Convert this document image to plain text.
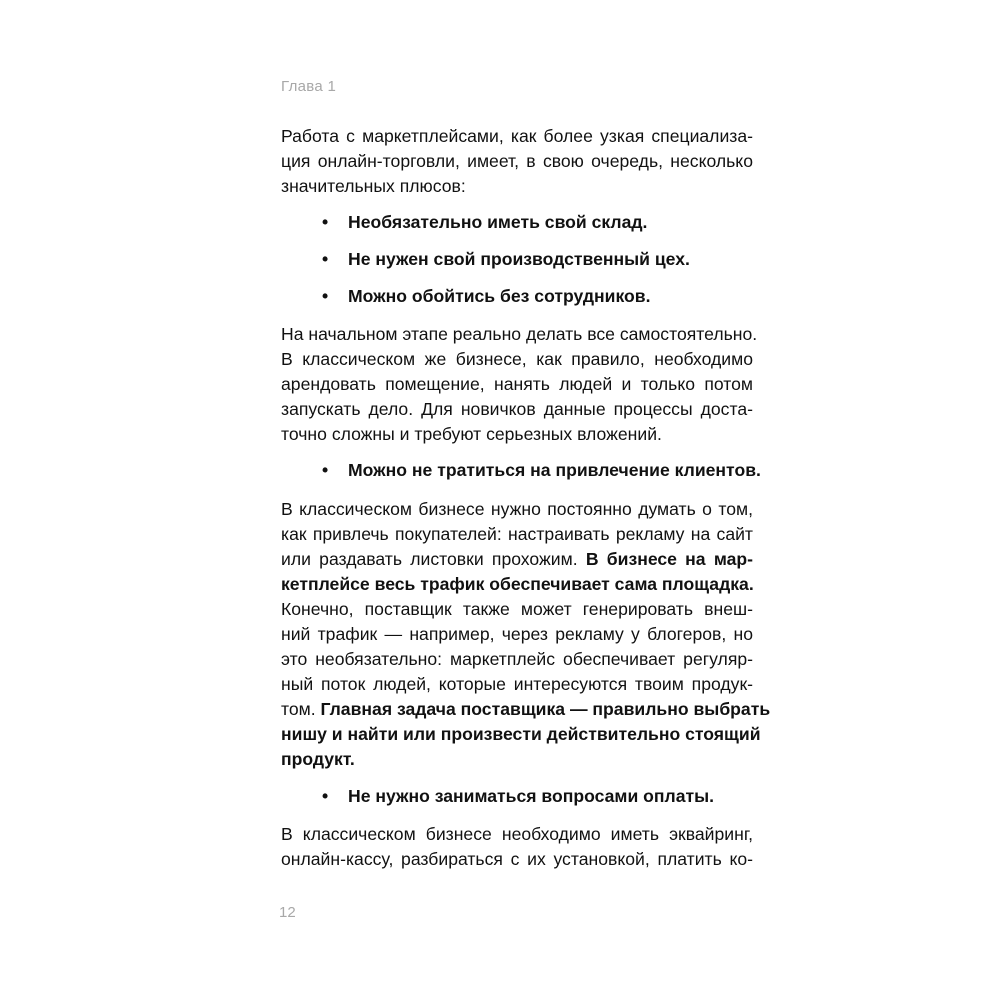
Глава 1
Работа с маркетплейсами, как более узкая специализа-
ция онлайн-торговли, имеет, в свою очередь, несколько
значительных плюсов:
• Необязательно иметь свой склад.
• Не нужен свой производственный цех.
• Можно обойтись без сотрудников.
На начальном этапе реально делать все самостоятельно.
В классическом же бизнесе, как правило, необходимо
арендовать помещение, нанять людей и только потом
запускать дело. Для новичков данные процессы доста-
точно сложны и требуют серьезных вложений.
• Можно не тратиться на привлечение клиентов.
В классическом бизнесе нужно постоянно думать о том,
как привлечь покупателей: настраивать рекламу на сайт
или раздавать листовки прохожим. В бизнесе на мар-
кетплейсе весь трафик обеспечивает сама площадка.
Конечно, поставщик также может генерировать внеш-
ний трафик — например, через рекламу у блогеров, но
это необязательно: маркетплейс обеспечивает регуляр-
ный поток людей, которые интересуются твоим продук-
том. Главная задача поставщика — правильно выбрать
нишу и найти или произвести действительно стоящий
продукт.
• Не нужно заниматься вопросами оплаты.
В классическом бизнесе необходимо иметь эквайринг,
онлайн-кассу, разбираться с их установкой, платить ко-
12
